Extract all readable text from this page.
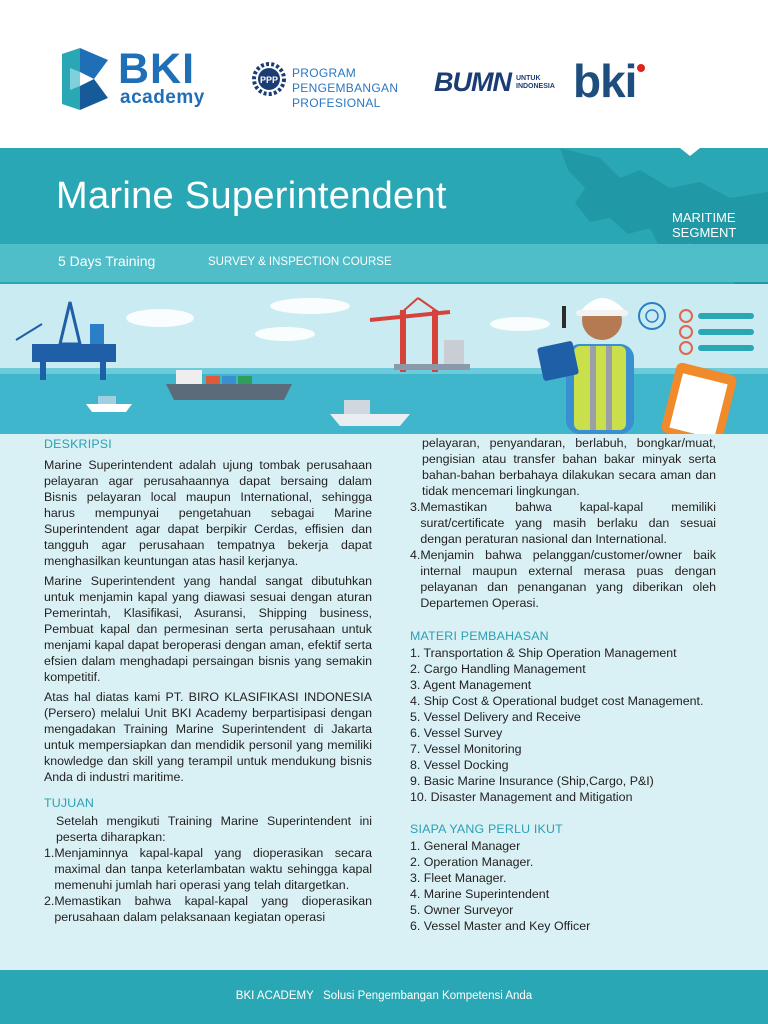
BKI
academy
PPP PROGRAM
PENGEMBANGAN
PROFESIONAL
BUMN UNTUK
INDONESIA bki
Marine Superintendent
MARITIME
SEGMENT
5 Days Training	SURVEY & INSPECTION COURSE
DESKRIPSI
Marine Superintendent adalah ujung tombak perusahaan pelayaran agar perusahaannya dapat bersaing dalam Bisnis pelayaran local maupun International, sehingga harus mempunyai pengetahuan sebagai Marine Superintendent agar dapat berpikir Cerdas, effisien dan tangguh agar perusahaan tempatnya bekerja dapat menghasilkan keuntungan atas hasil kerjanya.
Marine Superintendent yang handal sangat dibutuhkan untuk menjamin kapal yang diawasi sesuai dengan aturan Pemerintah, Klasifikasi, Asuransi, Shipping business, Pembuat kapal dan permesinan serta perusahaan untuk menjami kapal dapat beroperasi dengan aman, efektif serta efsien dalam menghadapi persaingan bisnis yang semakin kompetitif.
Atas hal diatas kami PT. BIRO KLASIFIKASI INDONESIA (Persero) melalui Unit BKI Academy berpartisipasi dengan mengadakan Training Marine Superintendent di Jakarta untuk mempersiapkan dan mendidik personil yang memiliki knowledge dan skill yang terampil untuk mendukung bisnis Anda di industri maritime.
TUJUAN
Setelah mengikuti Training Marine Superintendent ini peserta diharapkan:
1. Menjaminnya kapal-kapal yang dioperasikan secara maximal dan tanpa keterlambatan waktu sehingga kapal memenuhi jumlah hari operasi yang telah ditargetkan.
2. Memastikan bahwa kapal-kapal yang dioperasikan perusahaan dalam pelaksanaan kegiatan operasi
pelayaran, penyandaran, berlabuh, bongkar/muat, pengisian atau transfer bahan bakar minyak serta bahan-bahan berbahaya dilakukan secara aman dan tidak mencemari lingkungan.
3. Memastikan bahwa kapal-kapal memiliki surat/certificate yang masih berlaku dan sesuai dengan peraturan nasional dan International.
4. Menjamin bahwa pelanggan/customer/owner baik internal maupun external merasa puas dengan pelayanan dan penanganan yang diberikan oleh Departemen Operasi.
MATERI PEMBAHASAN
1. Transportation & Ship Operation Management
2. Cargo Handling Management
3. Agent Management
4. Ship Cost & Operational budget cost Management.
5. Vessel Delivery and Receive
6. Vessel Survey
7. Vessel Monitoring
8. Vessel Docking
9. Basic Marine Insurance (Ship,Cargo, P&I)
10. Disaster Management and Mitigation
SIAPA YANG PERLU IKUT
1. General Manager
2. Operation Manager.
3. Fleet Manager.
4. Marine Superintendent
5. Owner Surveyor
6. Vessel Master and Key Officer
BKI ACADEMY   Solusi Pengembangan Kompetensi Anda
